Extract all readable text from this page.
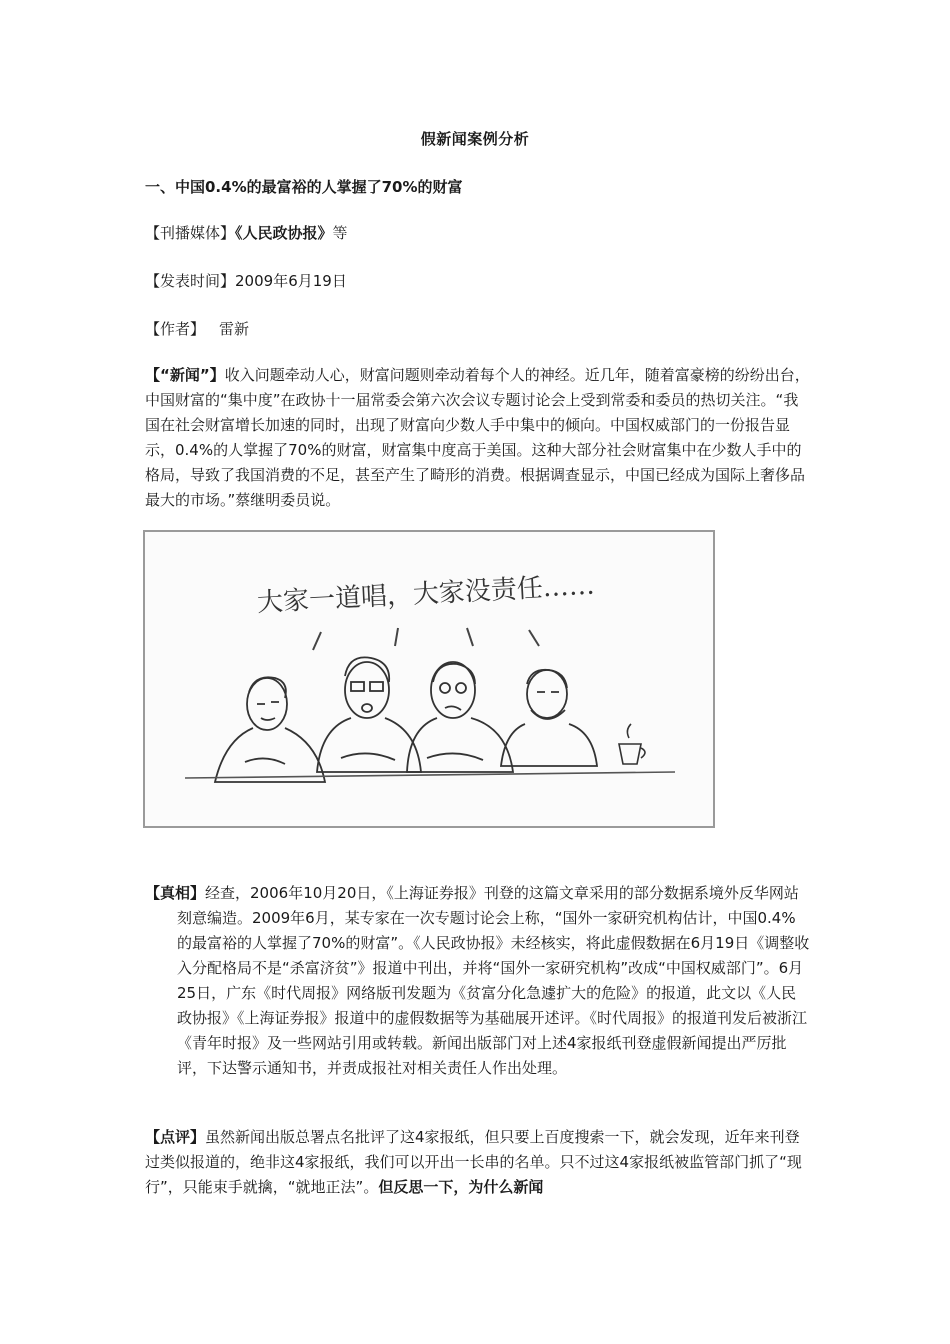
假新闻案例分析
一、中国0.4%的最富裕的人掌握了70%的财富
【刊播媒体】《人民政协报》等
【发表时间】2009年6月19日
【作者】 雷新
【“新闻”】收入问题牵动人心，财富问题则牵动着每个人的神经。近几年，随着富豪榜的纷纷出台，中国财富的“集中度”在政协十一届常委会第六次会议专题讨论会上受到常委和委员的热切关注。“我国在社会财富增长加速的同时，出现了财富向少数人手中集中的倾向。中国权威部门的一份报告显示，0.4%的人掌握了70%的财富，财富集中度高于美国。这种大部分社会财富集中在少数人手中的格局，导致了我国消费的不足，甚至产生了畸形的消费。根据调查显示，中国已经成为国际上奢侈品最大的市场。”蔡继明委员说。
大家一道唱，大家没责任……
【真相】经查，2006年10月20日，《上海证券报》刊登的这篇文章采用的部分数据系境外反华网站刻意编造。2009年6月，某专家在一次专题讨论会上称，“国外一家研究机构估计，中国0.4%的最富裕的人掌握了70%的财富”。《人民政协报》未经核实，将此虚假数据在6月19日《调整收入分配格局不是“杀富济贫”》报道中刊出，并将“国外一家研究机构”改成“中国权威部门”。6月25日，广东《时代周报》网络版刊发题为《贫富分化急遽扩大的危险》的报道，此文以《人民政协报》《上海证券报》报道中的虚假数据等为基础展开述评。《时代周报》的报道刊发后被浙江《青年时报》及一些网站引用或转载。新闻出版部门对上述4家报纸刊登虚假新闻提出严厉批评，下达警示通知书，并责成报社对相关责任人作出处理。
【点评】虽然新闻出版总署点名批评了这4家报纸，但只要上百度搜索一下，就会发现，近年来刊登过类似报道的，绝非这4家报纸，我们可以开出一长串的名单。只不过这4家报纸被监管部门抓了“现行”，只能束手就擒，“就地正法”。但反思一下，为什么新闻
